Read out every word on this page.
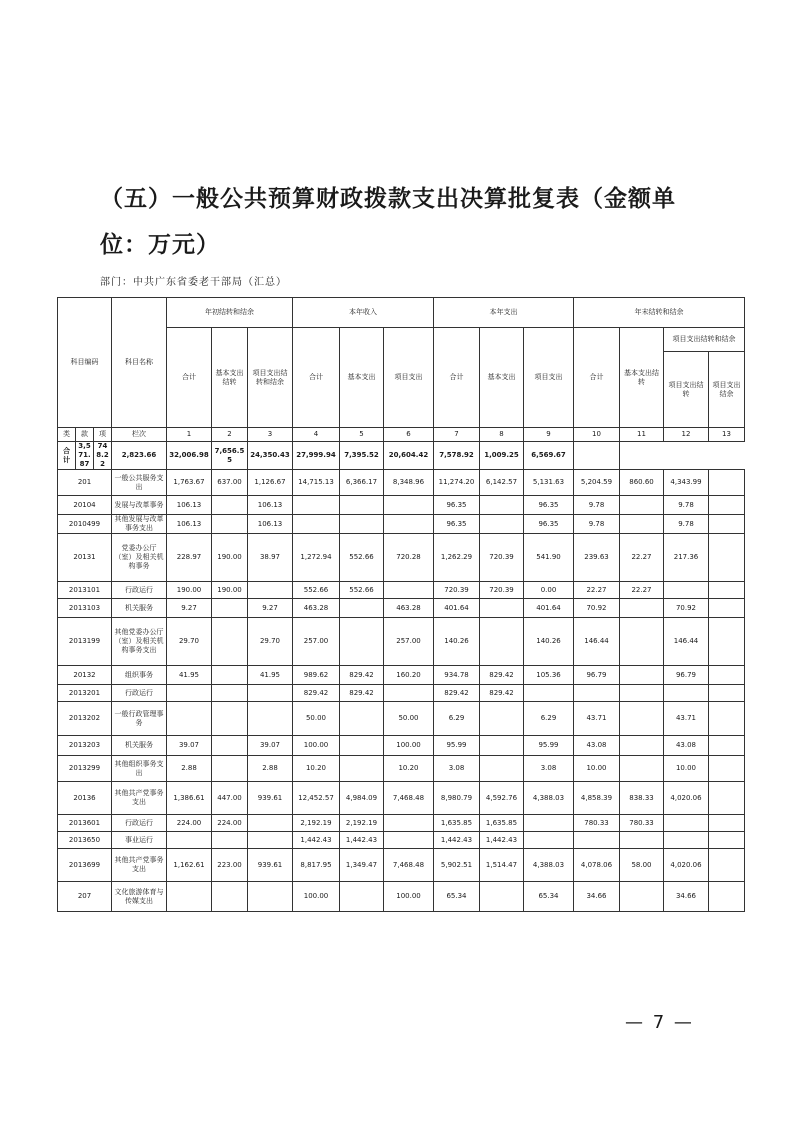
（五）一般公共预算财政拨款支出决算批复表（金额单位：万元）
部门：中共广东省委老干部局（汇总）
科目编码			科目名称	年初结转和结余			本年收入			本年支出			年末结转和结余			
				合计	基本支出结转	项目支出结转和结余	合计	基本支出	项目支出	合计	基本支出	项目支出	合计	基本支出结转	项目支出结转和结余	
															项目支出结转	项目支出结余
类	款	项	栏次	1	2	3	4	5	6	7	8	9	10	11	12	13
合计	3,571.87	748.22	2,823.66	32,006.98	7,656.55	24,350.43	27,999.94	7,395.52	20,604.42	7,578.92	1,009.25	6,569.67				
201			一般公共服务支出	1,763.67	637.00	1,126.67	14,715.13	6,366.17	8,348.96	11,274.20	6,142.57	5,131.63	5,204.59	860.60	4,343.99	
20104			发展与改革事务	106.13		106.13				96.35		96.35	9.78		9.78	
2010499			其他发展与改革事务支出	106.13		106.13				96.35		96.35	9.78		9.78	
20131			党委办公厅（室）及相关机构事务	228.97	190.00	38.97	1,272.94	552.66	720.28	1,262.29	720.39	541.90	239.63	22.27	217.36	
2013101			行政运行	190.00	190.00		552.66	552.66		720.39	720.39	0.00	22.27	22.27		
2013103			机关服务	9.27		9.27	463.28		463.28	401.64		401.64	70.92		70.92	
2013199			其他党委办公厅（室）及相关机构事务支出	29.70		29.70	257.00		257.00	140.26		140.26	146.44		146.44	
20132			组织事务	41.95		41.95	989.62	829.42	160.20	934.78	829.42	105.36	96.79		96.79	
2013201			行政运行				829.42	829.42		829.42	829.42					
2013202			一般行政管理事务				50.00		50.00	6.29		6.29	43.71		43.71	
2013203			机关服务	39.07		39.07	100.00		100.00	95.99		95.99	43.08		43.08	
2013299			其他组织事务支出	2.88		2.88	10.20		10.20	3.08		3.08	10.00		10.00	
20136			其他共产党事务支出	1,386.61	447.00	939.61	12,452.57	4,984.09	7,468.48	8,980.79	4,592.76	4,388.03	4,858.39	838.33	4,020.06	
2013601			行政运行	224.00	224.00		2,192.19	2,192.19		1,635.85	1,635.85		780.33	780.33		
2013650			事业运行				1,442.43	1,442.43		1,442.43	1,442.43					
2013699			其他共产党事务支出	1,162.61	223.00	939.61	8,817.95	1,349.47	7,468.48	5,902.51	1,514.47	4,388.03	4,078.06	58.00	4,020.06	
207			文化旅游体育与传媒支出				100.00		100.00	65.34		65.34	34.66		34.66	
— 7 —
